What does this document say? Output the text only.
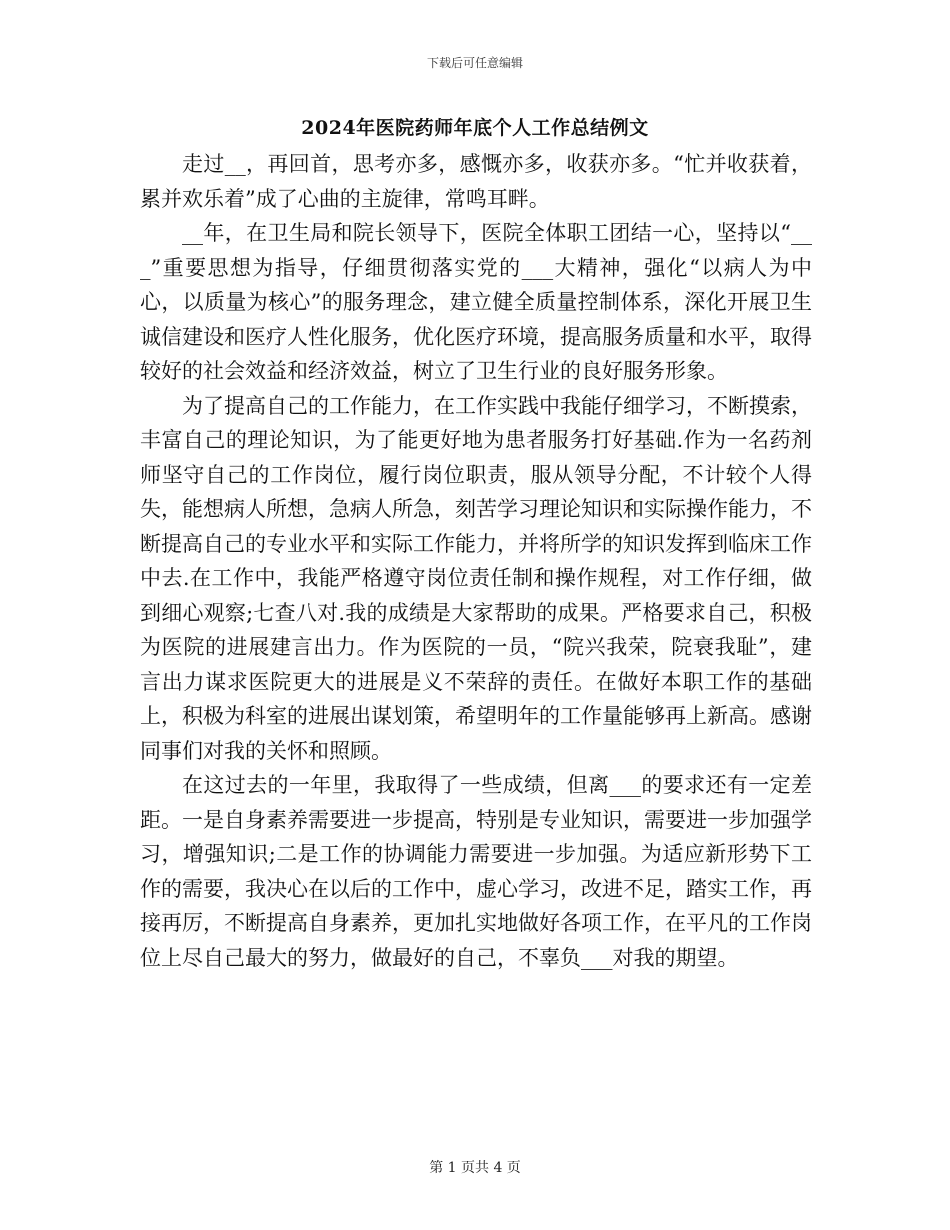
下载后可任意编辑
2024年医院药师年底个人工作总结例文

走过__，再回首，思考亦多，感慨亦多，收获亦多。“忙并收获着，累并欢乐着”成了心曲的主旋律，常鸣耳畔。

__年，在卫生局和院长领导下，医院全体职工团结一心，坚持以“___”重要思想为指导，仔细贯彻落实党的___大精神，强化“以病人为中心，以质量为核心”的服务理念，建立健全质量控制体系，深化开展卫生诚信建设和医疗人性化服务，优化医疗环境，提高服务质量和水平，取得较好的社会效益和经济效益，树立了卫生行业的良好服务形象。

为了提高自己的工作能力，在工作实践中我能仔细学习，不断摸索，丰富自己的理论知识，为了能更好地为患者服务打好基础.作为一名药剂师坚守自己的工作岗位，履行岗位职责，服从领导分配，不计较个人得失，能想病人所想，急病人所急，刻苦学习理论知识和实际操作能力，不断提高自己的专业水平和实际工作能力，并将所学的知识发挥到临床工作中去.在工作中，我能严格遵守岗位责任制和操作规程，对工作仔细，做到细心观察;七查八对.我的成绩是大家帮助的成果。严格要求自己，积极为医院的进展建言出力。作为医院的一员，“院兴我荣，院衰我耻”，建言出力谋求医院更大的进展是义不荣辞的责任。在做好本职工作的基础上，积极为科室的进展出谋划策，希望明年的工作量能够再上新高。感谢同事们对我的关怀和照顾。

在这过去的一年里，我取得了一些成绩，但离___的要求还有一定差距。一是自身素养需要进一步提高，特别是专业知识，需要进一步加强学习，增强知识;二是工作的协调能力需要进一步加强。为适应新形势下工作的需要，我决心在以后的工作中，虚心学习，改进不足，踏实工作，再接再厉，不断提高自身素养，更加扎实地做好各项工作，在平凡的工作岗位上尽自己最大的努力，做最好的自己，不辜负___对我的期望。

第 1 页共 4 页
